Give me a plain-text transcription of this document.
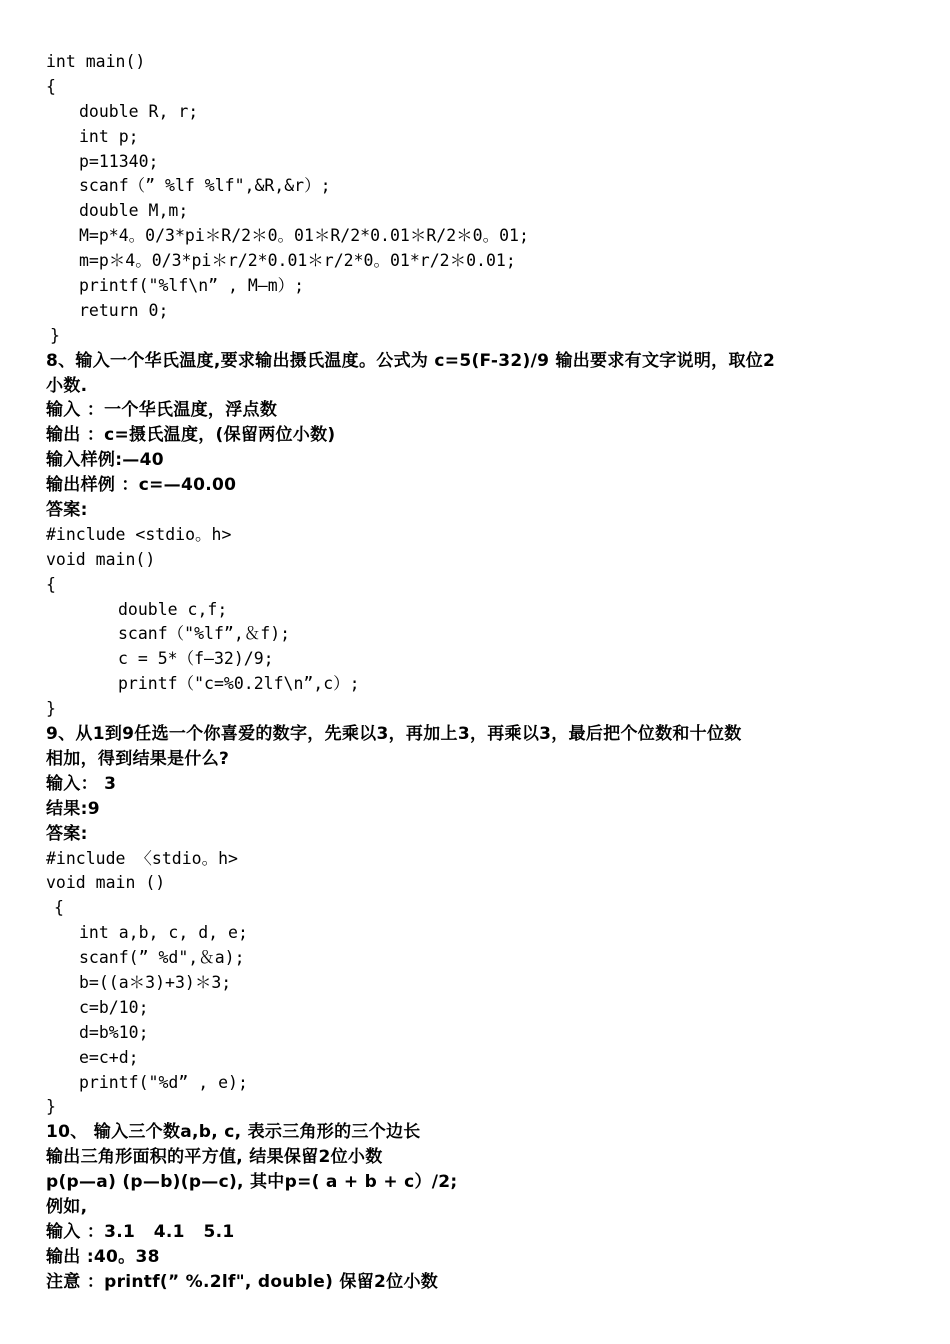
int main()
{
double R, r;
int p;
p=11340;
scanf（” %lf %lf",&R,&r）;
double M,m;
M=p*4。0/3*pi＊R/2＊0。01＊R/2*0.01＊R/2＊0。01;
m=p＊4。0/3*pi＊r/2*0.01＊r/2*0。01*r/2＊0.01;
printf("%lf\n” , M—m）;
return 0;
}
8、输入一个华氏温度,要求输出摄氏温度。公式为 c=5(F-32)/9 输出要求有文字说明，取位2
小数.
输入 ：一个华氏温度，浮点数
输出 ：c=摄氏温度，(保留两位小数)
输入样例:—40
输出样例 ：c=—40.00
答案:
#include <stdio。h>
void main()
{
double c,f;
scanf（"%lf”,＆f);
c = 5*（f—32)/9;
printf（"c=%0.2lf\n”,c）;
}
9、从1到9任选一个你喜爱的数字，先乘以3，再加上3，再乘以3，最后把个位数和十位数
相加，得到结果是什么?
输入： 3
结果:9
答案:
#include 〈stdio。h>
void main ()
{
int a,b, c, d, e;
scanf(” %d",＆a);
b=((a＊3)+3)＊3;
c=b/10;
d=b%10;
e=c+d;
printf("%d” , e);
}
10、 输入三个数a,b, c, 表示三角形的三个边长
输出三角形面积的平方值, 结果保留2位小数
p(p—a) (p—b)(p—c), 其中p=( a + b + c）/2;
例如,
输入 ：3.1   4.1   5.1
输出 :40。38
注意 ：printf(” %.2lf", double) 保留2位小数
